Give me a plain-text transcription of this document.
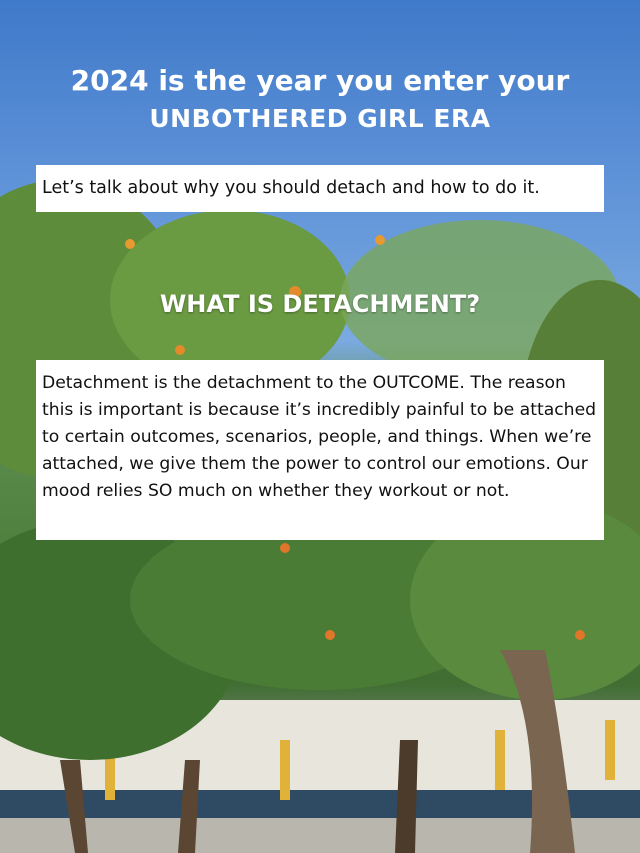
2024 is the year you enter your
UNBOTHERED GIRL ERA
Let’s talk about why you should detach and how to do it.
WHAT IS DETACHMENT?
Detachment is the detachment to the OUTCOME. The reason this is important is because it’s incredibly painful to be attached to certain outcomes, scenarios, people, and things. When we’re attached, we give them the power to control our emotions. Our mood relies SO much on whether they workout or not.
